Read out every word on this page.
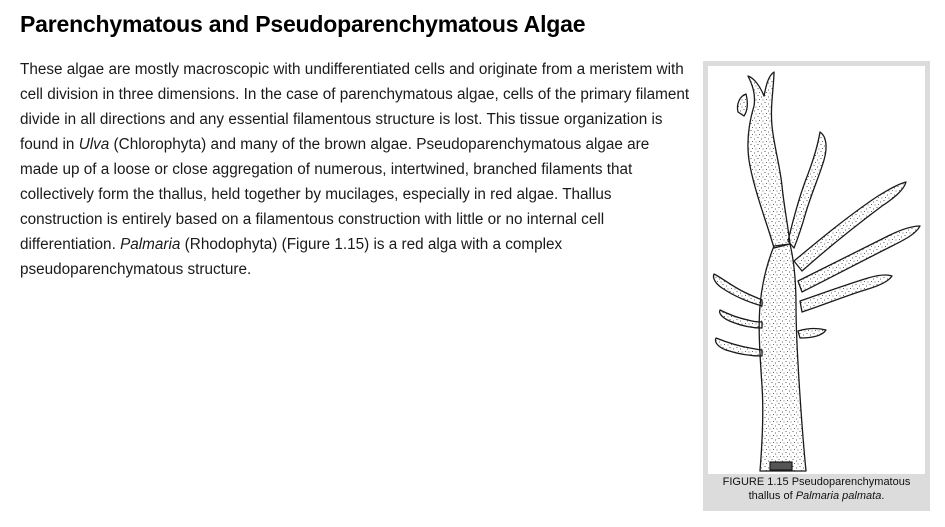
Parenchymatous and Pseudoparenchymatous Algae

These algae are mostly macroscopic with undifferentiated cells and originate from a meristem with cell division in three dimensions. In the case of parenchymatous algae, cells of the primary filament divide in all directions and any essential filamentous structure is lost. This tissue organization is found in Ulva (Chlorophyta) and many of the brown algae. Pseudoparenchymatous algae are made up of a loose or close aggregation of numerous, intertwined, branched filaments that collectively form the thallus, held together by mucilages, especially in red algae. Thallus construction is entirely based on a filamentous construction with little or no internal cell differentiation. Palmaria (Rhodophyta) (Figure 1.15) is a red alga with a complex pseudoparenchymatous structure.

FIGURE 1.15 Pseudoparenchymatous thallus of Palmaria palmata.
